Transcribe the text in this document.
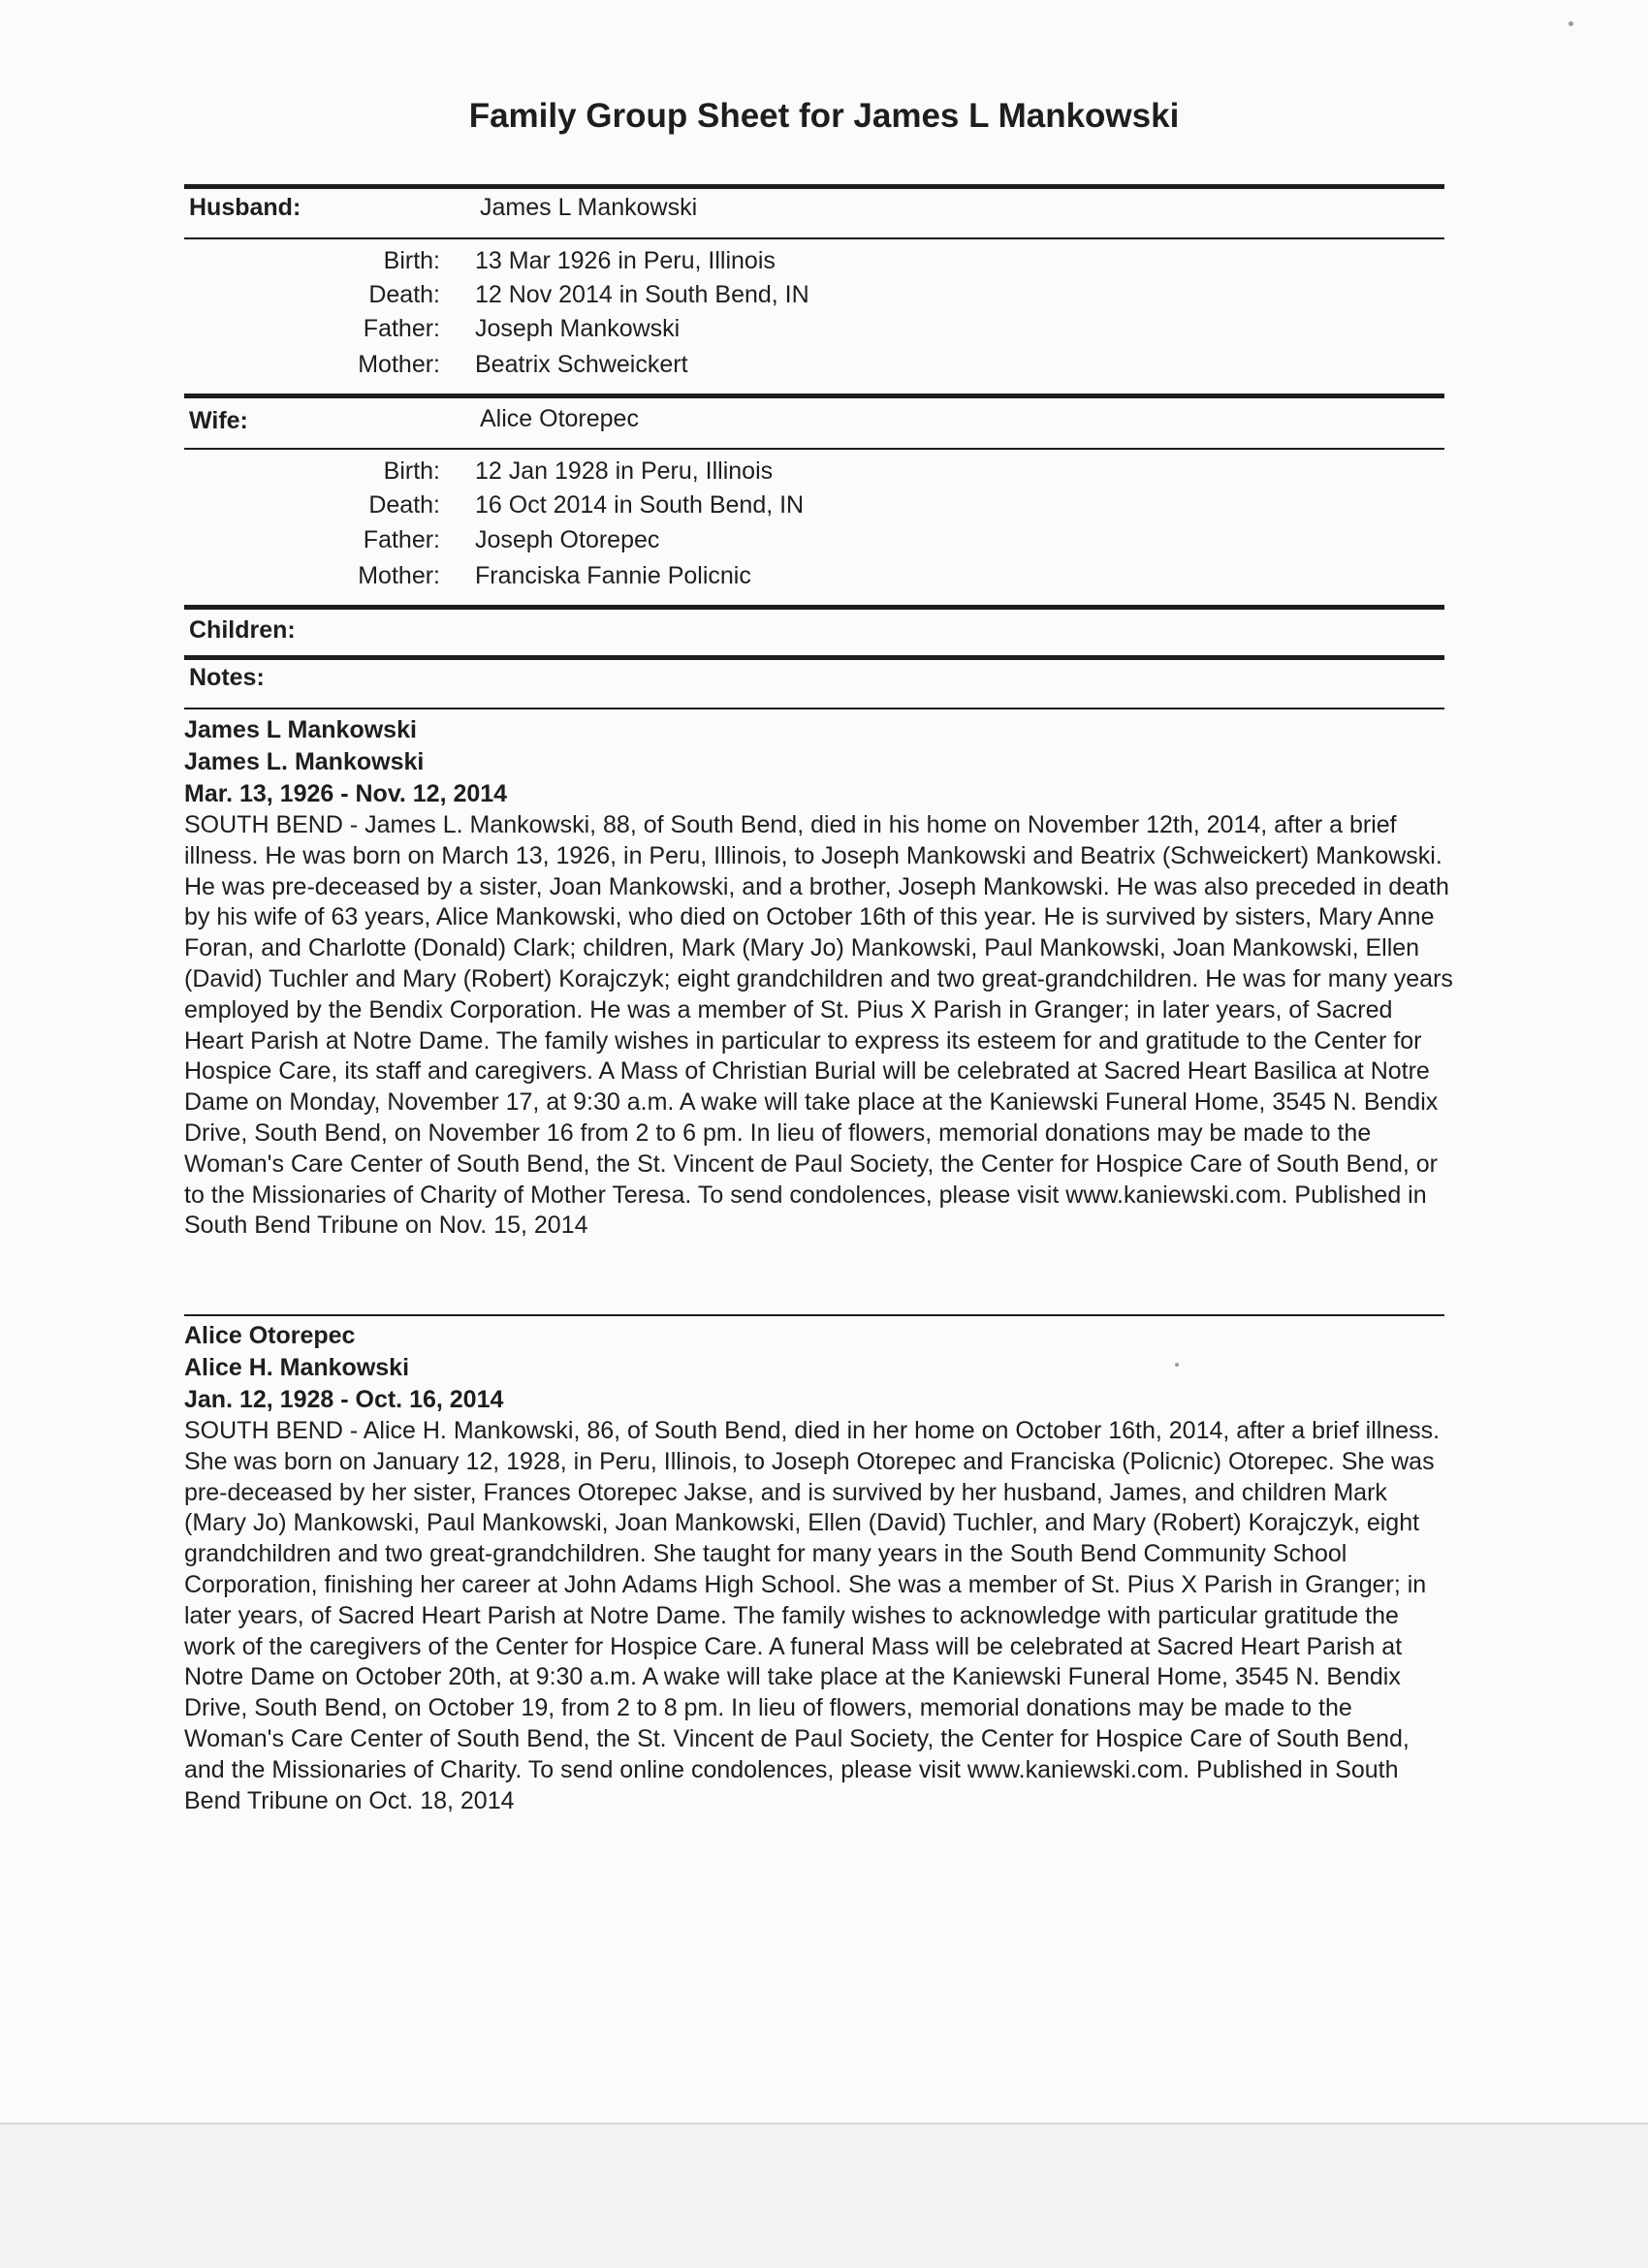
Family Group Sheet for James L Mankowski
Husband:	James L Mankowski
Birth: 13 Mar 1926 in Peru, Illinois
Death: 12 Nov 2014 in South Bend, IN
Father: Joseph Mankowski
Mother: Beatrix Schweickert
Wife:	Alice Otorepec
Birth: 12 Jan 1928 in Peru, Illinois
Death: 16 Oct 2014 in South Bend, IN
Father: Joseph Otorepec
Mother: Franciska Fannie Policnic
Children:
Notes:
James L Mankowski
James L. Mankowski
Mar. 13, 1926 - Nov. 12, 2014
SOUTH BEND - James L. Mankowski, 88, of South Bend, died in his home on November 12th, 2014, after a brief illness. He was born on March 13, 1926, in Peru, Illinois, to Joseph Mankowski and Beatrix (Schweickert) Mankowski. He was pre-deceased by a sister, Joan Mankowski, and a brother, Joseph Mankowski. He was also preceded in death by his wife of 63 years, Alice Mankowski, who died on October 16th of this year. He is survived by sisters, Mary Anne Foran, and Charlotte (Donald) Clark; children, Mark (Mary Jo) Mankowski, Paul Mankowski, Joan Mankowski, Ellen (David) Tuchler and Mary (Robert) Korajczyk; eight grandchildren and two great-grandchildren. He was for many years employed by the Bendix Corporation. He was a member of St. Pius X Parish in Granger; in later years, of Sacred Heart Parish at Notre Dame. The family wishes in particular to express its esteem for and gratitude to the Center for Hospice Care, its staff and caregivers. A Mass of Christian Burial will be celebrated at Sacred Heart Basilica at Notre Dame on Monday, November 17, at 9:30 a.m. A wake will take place at the Kaniewski Funeral Home, 3545 N. Bendix Drive, South Bend, on November 16 from 2 to 6 pm. In lieu of flowers, memorial donations may be made to the Woman's Care Center of South Bend, the St. Vincent de Paul Society, the Center for Hospice Care of South Bend, or to the Missionaries of Charity of Mother Teresa. To send condolences, please visit www.kaniewski.com. Published in South Bend Tribune on Nov. 15, 2014
Alice Otorepec
Alice H. Mankowski
Jan. 12, 1928 - Oct. 16, 2014
SOUTH BEND - Alice H. Mankowski, 86, of South Bend, died in her home on October 16th, 2014, after a brief illness. She was born on January 12, 1928, in Peru, Illinois, to Joseph Otorepec and Franciska (Policnic) Otorepec. She was pre-deceased by her sister, Frances Otorepec Jakse, and is survived by her husband, James, and children Mark (Mary Jo) Mankowski, Paul Mankowski, Joan Mankowski, Ellen (David) Tuchler, and Mary (Robert) Korajczyk, eight grandchildren and two great-grandchildren. She taught for many years in the South Bend Community School Corporation, finishing her career at John Adams High School. She was a member of St. Pius X Parish in Granger; in later years, of Sacred Heart Parish at Notre Dame. The family wishes to acknowledge with particular gratitude the work of the caregivers of the Center for Hospice Care. A funeral Mass will be celebrated at Sacred Heart Parish at Notre Dame on October 20th, at 9:30 a.m. A wake will take place at the Kaniewski Funeral Home, 3545 N. Bendix Drive, South Bend, on October 19, from 2 to 8 pm. In lieu of flowers, memorial donations may be made to the Woman's Care Center of South Bend, the St. Vincent de Paul Society, the Center for Hospice Care of South Bend, and the Missionaries of Charity. To send online condolences, please visit www.kaniewski.com. Published in South Bend Tribune on Oct. 18, 2014
